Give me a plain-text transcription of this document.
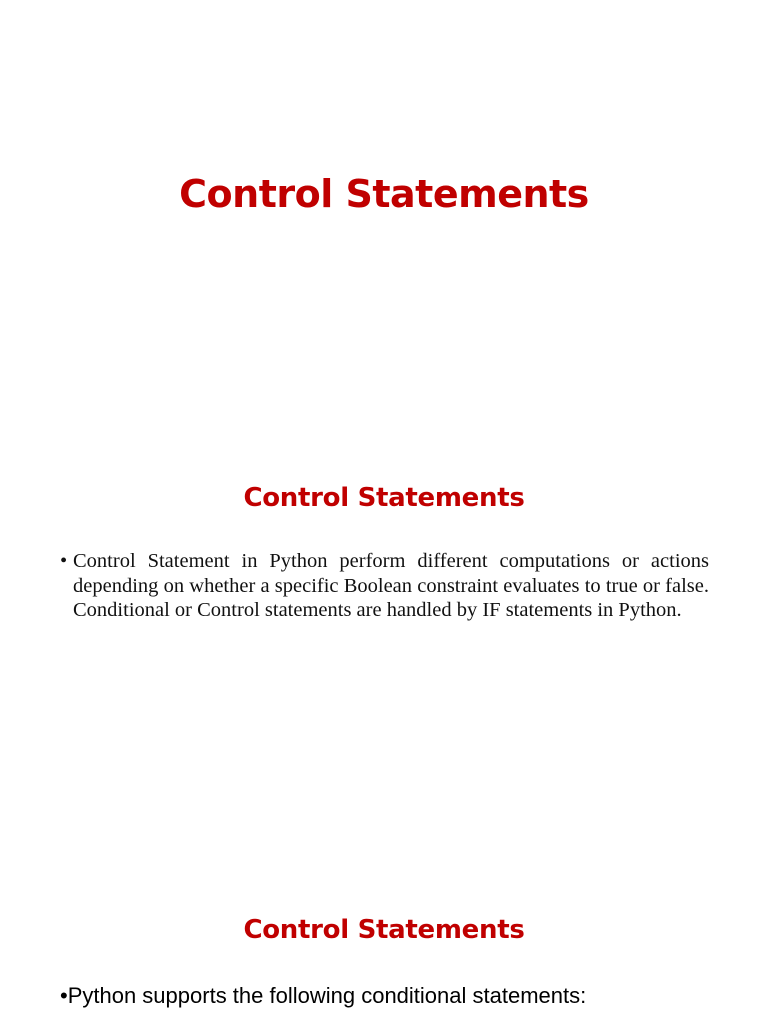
Control Statements
Control Statements
• Control Statement in Python perform different computations or actions depending on whether a specific Boolean constraint evaluates to true or false. Conditional or Control statements are handled by IF statements in Python.
Control Statements
•Python supports the following conditional statements:
